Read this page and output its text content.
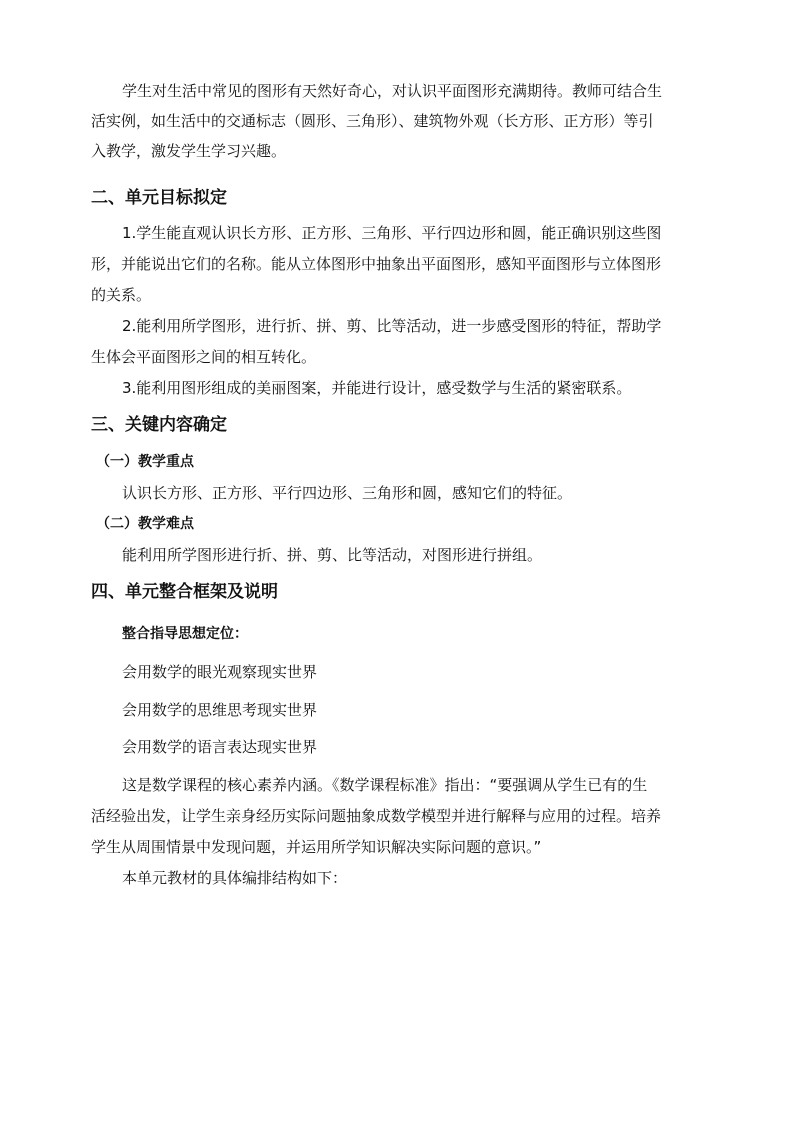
学生对生活中常见的图形有天然好奇心，对认识平面图形充满期待。教师可结合生
活实例，如生活中的交通标志（圆形、三角形）、建筑物外观（长方形、正方形）等引
入教学，激发学生学习兴趣。
二、单元目标拟定
1.学生能直观认识长方形、正方形、三角形、平行四边形和圆，能正确识别这些图
形，并能说出它们的名称。能从立体图形中抽象出平面图形，感知平面图形与立体图形
的关系。
2.能利用所学图形，进行折、拼、剪、比等活动，进一步感受图形的特征，帮助学
生体会平面图形之间的相互转化。
3.能利用图形组成的美丽图案，并能进行设计，感受数学与生活的紧密联系。
三、关键内容确定
（一）教学重点
认识长方形、正方形、平行四边形、三角形和圆，感知它们的特征。
（二）教学难点
能利用所学图形进行折、拼、剪、比等活动，对图形进行拼组。
四、单元整合框架及说明
整合指导思想定位：
会用数学的眼光观察现实世界
会用数学的思维思考现实世界
会用数学的语言表达现实世界
这是数学课程的核心素养内涵。《数学课程标准》指出：“要强调从学生已有的生
活经验出发，让学生亲身经历实际问题抽象成数学模型并进行解释与应用的过程。培养
学生从周围情景中发现问题，并运用所学知识解决实际问题的意识。”
本单元教材的具体编排结构如下：
